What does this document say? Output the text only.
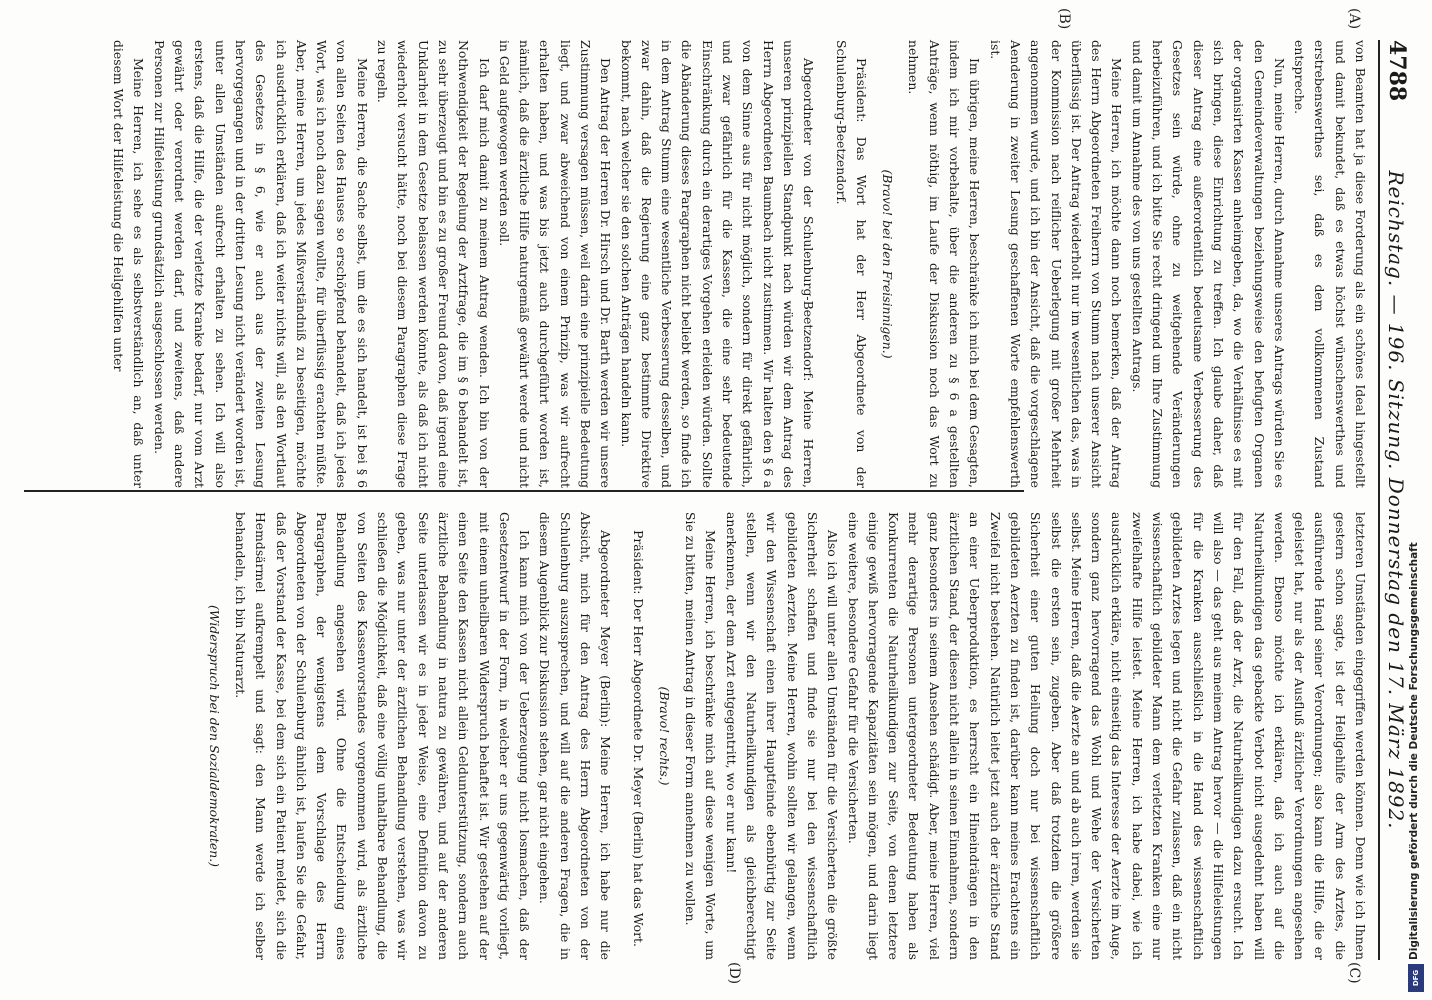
4788
Reichstag. — 196. Sitzung. Donnerstag den 17. März 1892.
(A)
(B)
(C)
(D)

von Beamten hat ja diese Forderung als ein schönes Ideal hingestellt und damit bekundet, daß es etwas höchst wünschenswerthes und erstrebenswerthes sei, daß es dem vollkommenen Zustand entspreche.

Nun, meine Herren, durch Annahme unseres Antrags würden Sie es den Gemeindeverwaltungen beziehungsweise den befugten Organen der organisirten Kassen anheimgeben, da, wo die Verhältnisse es mit sich bringen, diese Einrichtung zu treffen. Ich glaube daher, daß dieser Antrag eine außerordentlich bedeutsame Verbesserung des Gesetzes sein würde, ohne zu weitgehende Veränderungen herbeizuführen, und ich bitte Sie recht dringend um Ihre Zustimmung und damit um Annahme des von uns gestellten Antrags.

Meine Herren, ich möchte dann noch bemerken, daß der Antrag des Herrn Abgeordneten Freiherrn von Stumm nach unserer Ansicht überflüssig ist. Der Antrag wiederholt nur im wesentlichen das, was in der Kommission nach reiflicher Ueberlegung mit großer Mehrheit angenommen wurde, und ich bin der Ansicht, daß die vorgeschlagene Aenderung in zweiter Lesung geschaffenen Worte empfehlenswerth ist.

Im übrigen, meine Herren, beschränke ich mich bei dem Gesagten, indem ich mir vorbehalte, über die anderen zu § 6 a gestellten Anträge, wenn nöthig, im Laufe der Diskussion noch das Wort zu nehmen.

(Bravo! bei den Freisinnigen.)

Präsident: Das Wort hat der Herr Abgeordnete von der Schulenburg-Beetzendorf.

Abgeordneter von der Schulenburg-Beetzendorf: Meine Herren, unseren prinzipiellen Standpunkt nach würden wir dem Antrag des Herrn Abgeordneten Baumbach nicht zustimmen. Wir halten den § 6 a von dem Sinne aus für nicht möglich, sondern für direkt gefährlich, und zwar gefährlich für die Kassen, die eine sehr bedeutende Einschränkung durch ein derartiges Vorgehen erleiden würden. Sollte die Abänderung dieses Paragraphen nicht beliebt werden, so finde ich in dem Antrag Stumm eine wesentliche Verbesserung desselben, und zwar dahin, daß die Regierung eine ganz bestimmte Direktive bekommt, nach welcher sie den solchen Anträgen handeln kann.

Den Antrag der Herren Dr. Hirsch und Dr. Barth werden wir unsere Zustimmung versagen müssen, weil darin eine prinzipielle Bedeutung liegt, und zwar abweichend von einem Prinzip, was wir aufrecht erhalten haben, und was bis jetzt auch durchgeführt worden ist, nämlich, daß die ärztliche Hilfe naturgemäß gewährt werde und nicht in Geld aufgewogen werden soll.

Ich darf mich damit zu meinem Antrag wenden. Ich bin von der Nothwendigkeit der Regelung der Arztfrage, die im § 6 behandelt ist, zu sehr überzeugt und bin es zu großer Freund davon, daß irgend eine Unklarheit in dem Gesetze belassen werden könnte, als daß ich nicht wiederholt versucht hätte, noch bei diesem Paragraphen diese Frage zu regeln.

Meine Herren, die Sache selbst, um die es sich handelt, ist bei § 6 von allen Seiten des Hauses so erschöpfend behandelt, daß ich jedes Wort, was ich noch dazu sagen wollte, für überflüssig erachten müßte. Aber, meine Herren, um jedes Mißverständniß zu beseitigen, möchte ich ausdrücklich erklären, daß ich weiter nichts will, als den Wortlaut des Gesetzes in § 6, wie er auch aus der zweiten Lesung hervorgegangen und in der dritten Lesung nicht verändert worden ist, unter allen Umständen aufrecht erhalten zu sehen. Ich will also erstens, daß die Hilfe, die der verletzte Kranke bedarf, nur vom Arzt gewährt oder verordnet werden darf, und zweitens, daß andere Personen zur Hilfeleistung grundsätzlich ausgeschlossen werden.

Meine Herren, ich sehe es als selbstverständlich an, daß unter diesem Wort der Hilfeleistung die Heilgehilfen unter

letzteren Umständen eingegriffen werden können. Denn wie ich Ihnen gestern schon sagte, ist der Heilgehilfe der Arm des Arztes, die ausführende Hand seiner Verordnungen; also kann die Hilfe, die er geleistet hat, nur als der Ausfluß ärztlicher Verordnungen angesehen werden. Ebenso möchte ich erklären, daß ich auch auf die Naturheilkundigen das gebackte Verbot nicht ausgedehnt haben will für den Fall, daß der Arzt, die Naturheilkundigen dazu ersucht. Ich will also — das geht aus meinem Antrag hervor — die Hilfeleistungen für die Kranken ausschließlich in die Hand des wissenschaftlich gebildeten Arztes legen und nicht die Gefahr zulassen, daß ein nicht wissenschaftlich gebildeter Mann dem verletzten Kranken eine nur zweifelhafte Hilfe leistet. Meine Herren, ich habe dabei, wie ich ausdrücklich erkläre, nicht einseitig das Interesse der Aerzte im Auge, sondern ganz hervorragend das Wohl und Wehe der Versicherten selbst. Meine Herren, daß die Aerzte an und ab auch irren, werden sie selbst die ersten sein, zugeben. Aber daß trotzdem die größere Sicherheit einer guten Heilung doch nur bei wissenschaftlich gebildeten Aerzten zu finden ist, darüber kann meines Erachtens ein Zweifel nicht bestehen. Natürlich leitet jetzt auch der ärztliche Stand an einer Ueberproduktion, es herrscht ein Hineindrängen in den ärztlichen Stand, der diesen nicht allein in seinen Einnahmen, sondern ganz besonders in seinem Ansehen schädigt. Aber, meine Herren, viel mehr derartige Personen untergeordneter Bedeutung haben als Konkurrenten die Naturheilkundigen zur Seite, von denen letztere einige gewiß hervorragende Kapazitäten sein mögen, und darin liegt eine weitere, besondere Gefahr für die Versicherten.

Also ich will unter allen Umständen für die Versicherten die größte Sicherheit schaffen und finde sie nur bei den wissenschaftlich gebildeten Aerzten. Meine Herren, wohin sollten wir gelangen, wenn wir den Wissenschaft einen ihrer Hauptfeinde ebenbürtig zur Seite stellen, wenn wir den Naturheilkundigen als gleichberechtigt anerkennen, der dem Arzt entgegentritt, wo er nur kann!

Meine Herren, ich beschränke mich auf diese wenigen Worte, um Sie zu bitten, meinen Antrag in dieser Form annehmen zu wollen.

(Bravo! rechts.)

Präsident: Der Herr Abgeordnete Dr. Meyer (Berlin) hat das Wort.

Abgeordneter Meyer (Berlin): Meine Herren, ich habe nur die Absicht, mich für den Antrag des Herrn Abgeordneten von der Schulenburg auszusprechen, und will auf die anderen Fragen, die in diesem Augenblick zur Diskussion stehen, gar nicht eingehen.

Ich kann mich von der Ueberzeugung nicht losmachen, daß der Gesetzentwurf in der Form, in welcher er uns gegenwärtig vorliegt, mit einem unheilbaren Widerspruch behaftet ist. Wir gestehen auf der einen Seite den Kassen nicht allein Geldunterstützung, sondern auch ärztliche Behandlung in natura zu gewähren, und auf der anderen Seite unterlassen wir es in jeder Weise, eine Definition davon zu geben, was nur unter der ärztlichen Behandlung verstehen, was wir schließen die Möglichkeit, daß eine völlig unhaltbare Behandlung, die von Seiten des Kassenvorstandes vorgenommen wird, als ärztliche Behandlung angesehen wird. Ohne die Entscheidung eines Paragraphen, der wenigstens dem Vorschlage des Herrn Abgeordneten von der Schulenburg ähnlich ist, laufen Sie die Gefahr, daß der Vorstand der Kasse, bei dem sich ein Patient meldet, sich die Hemdsärmel aufkrempelt und sagt: den Mann werde ich selber behandeln, ich bin Naturarzt.

(Widerspruch bei den Sozialdemokraten.)	Digitalisierung gefördert durch die Deutsche Forschungsgemeinschaft
DFG
